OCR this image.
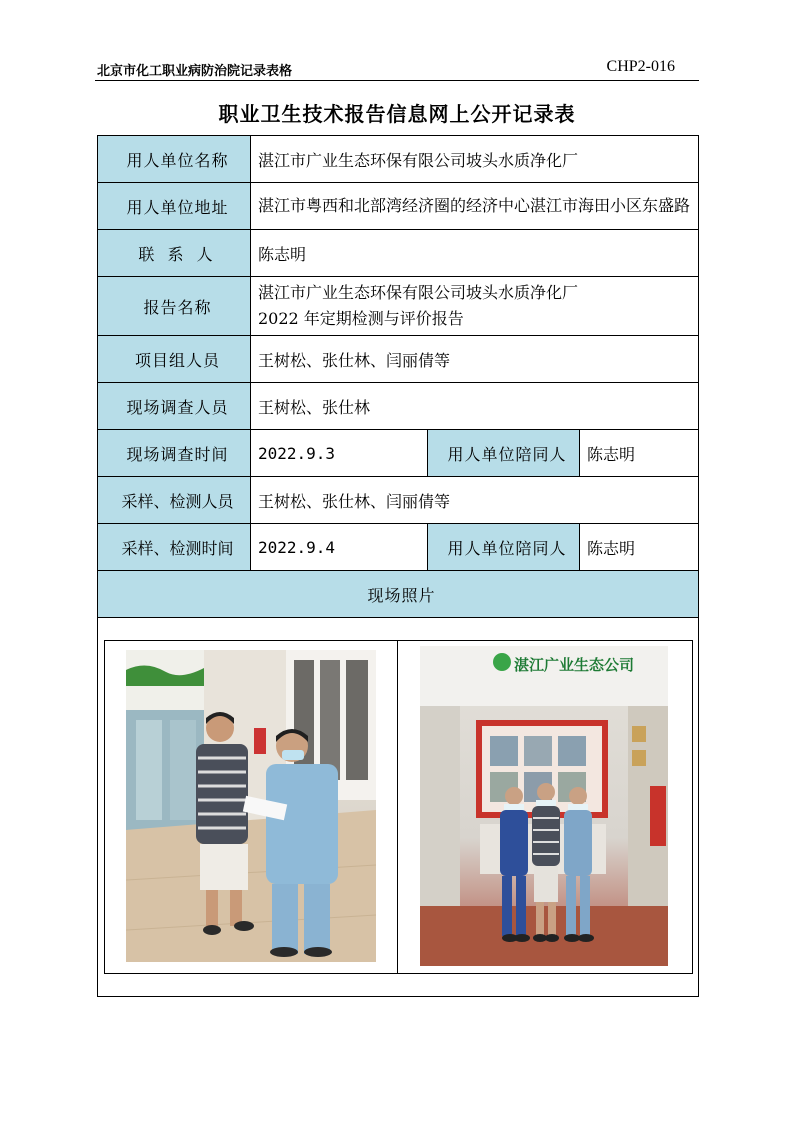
北京市化工职业病防治院记录表格	CHP2-016
职业卫生技术报告信息网上公开记录表
用人单位名称	湛江市广业生态环保有限公司坡头水质净化厂		
用人单位地址	湛江市粤西和北部湾经济圈的经济中心湛江市海田小区东盛路		
联 系 人	陈志明		
报告名称	湛江市广业生态环保有限公司坡头水质净化厂
2022 年定期检测与评价报告		

项目组人员	王树松、张仕林、闫丽倩等		
现场调查人员	王树松、张仕林		
现场调查时间	2022.9.3	用人单位陪同人	陈志明
采样、检测人员	王树松、张仕林、闫丽倩等		
采样、检测时间	2022.9.4	用人单位陪同人	陈志明
现场照片			

湛江广业生态公司			
